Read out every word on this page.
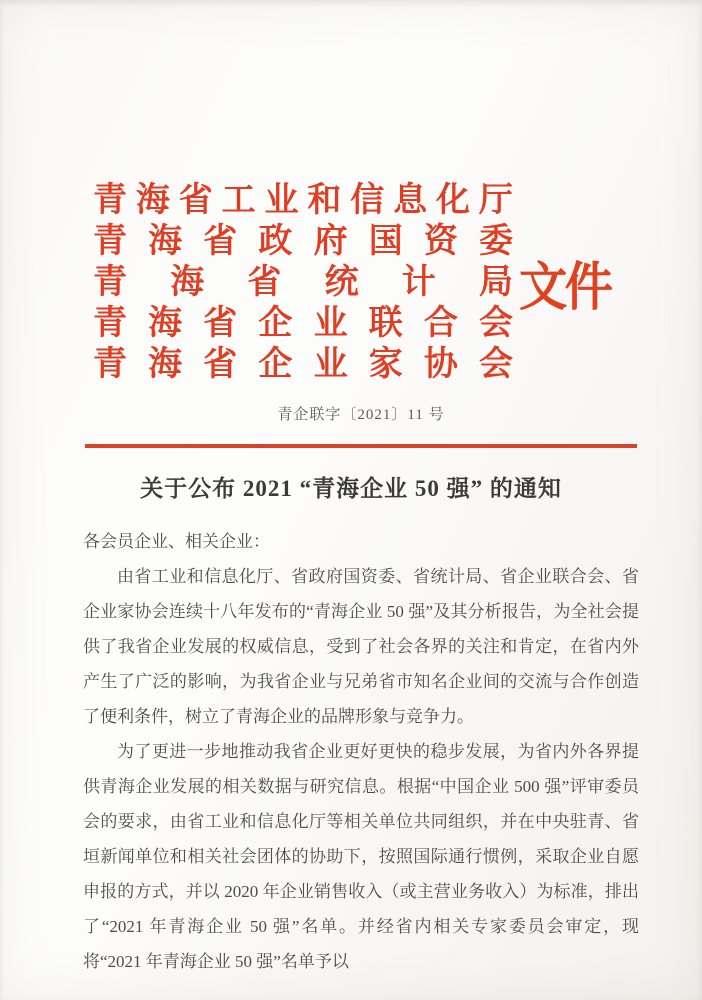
青 海 省 工 业 和 信 息 化 厅
青 海 省 政 府 国 资 委
青 海 省 统 计 局
青 海 省 企 业 联 合 会
青 海 省 企 业 家 协 会
文件
青企联字〔2021〕11 号
关于公布 2021 “青海企业 50 强” 的通知

各会员企业、相关企业：

由省工业和信息化厅、省政府国资委、省统计局、省企业联合会、省企业家协会连续十八年发布的“青海企业 50 强”及其分析报告，为全社会提供了我省企业发展的权威信息，受到了社会各界的关注和肯定，在省内外产生了广泛的影响，为我省企业与兄弟省市知名企业间的交流与合作创造了便利条件，树立了青海企业的品牌形象与竞争力。

为了更进一步地推动我省企业更好更快的稳步发展，为省内外各界提供青海企业发展的相关数据与研究信息。根据“中国企业 500 强”评审委员会的要求，由省工业和信息化厅等相关单位共同组织，并在中央驻青、省垣新闻单位和相关社会团体的协助下，按照国际通行惯例，采取企业自愿申报的方式，并以 2020 年企业销售收入（或主营业务收入）为标准，排出了“2021 年青海企业 50 强”名单。并经省内相关专家委员会审定，现将“2021 年青海企业 50 强”名单予以
